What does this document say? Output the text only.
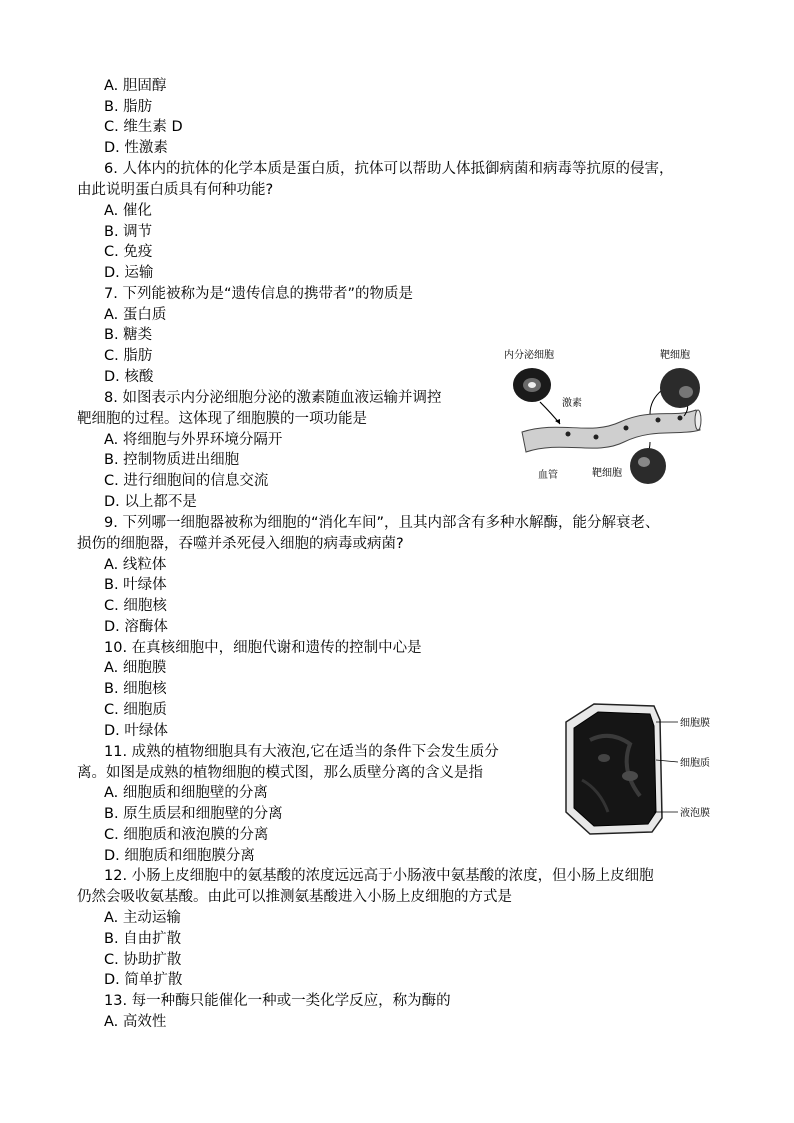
A. 胆固醇
B. 脂肪
C. 维生素 D
D. 性激素
6. 人体内的抗体的化学本质是蛋白质，抗体可以帮助人体抵御病菌和病毒等抗原的侵害，
由此说明蛋白质具有何种功能?
A. 催化
B. 调节
C. 免疫
D. 运输
7. 下列能被称为是“遗传信息的携带者”的物质是
A. 蛋白质
B. 糖类
C. 脂肪
D. 核酸
8. 如图表示内分泌细胞分泌的激素随血液运输并调控
靶细胞的过程。这体现了细胞膜的一项功能是
A. 将细胞与外界环境分隔开
B. 控制物质进出细胞
C. 进行细胞间的信息交流
D. 以上都不是
内分泌细胞	靶细胞
激素
血管	靶细胞
9. 下列哪一细胞器被称为细胞的“消化车间”，且其内部含有多种水解酶，能分解衰老、
损伤的细胞器，吞噬并杀死侵入细胞的病毒或病菌?
A. 线粒体
B. 叶绿体
C. 细胞核
D. 溶酶体
10. 在真核细胞中，细胞代谢和遗传的控制中心是
A. 细胞膜
B. 细胞核
C. 细胞质
D. 叶绿体
11. 成熟的植物细胞具有大液泡,它在适当的条件下会发生质分
离。如图是成熟的植物细胞的模式图，那么质壁分离的含义是指
A. 细胞质和细胞壁的分离
B. 原生质层和细胞壁的分离
C. 细胞质和液泡膜的分离
D. 细胞质和细胞膜分离
细胞膜
细胞质
液泡膜
12. 小肠上皮细胞中的氨基酸的浓度远远高于小肠液中氨基酸的浓度，但小肠上皮细胞
仍然会吸收氨基酸。由此可以推测氨基酸进入小肠上皮细胞的方式是
A. 主动运输
B. 自由扩散
C. 协助扩散
D. 简单扩散
13. 每一种酶只能催化一种或一类化学反应，称为酶的
A. 高效性
